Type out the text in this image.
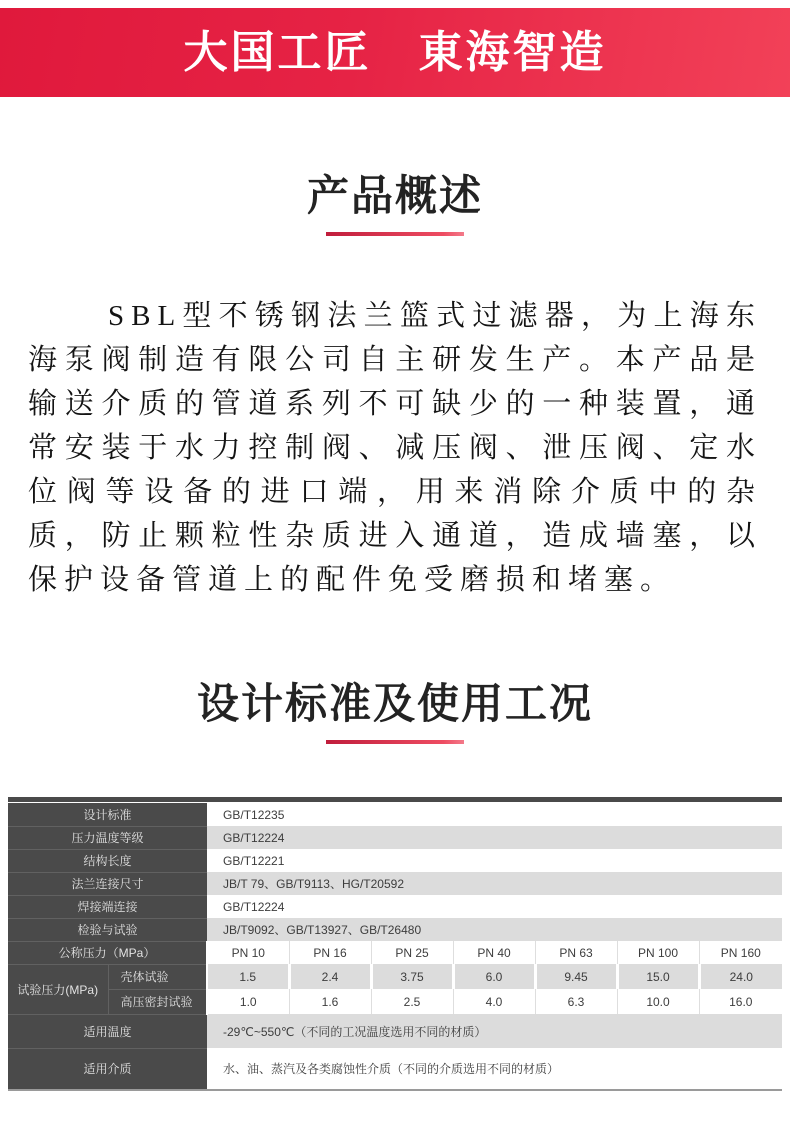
大国工匠　東海智造
产品概述

SBL型不锈钢法兰篮式过滤器，为上海东海泵阀制造有限公司自主研发生产。本产品是输送介质的管道系列不可缺少的一种装置，通常安装于水力控制阀、减压阀、泄压阀、定水位阀等设备的进口端，用来消除介质中的杂质，防止颗粒性杂质进入通道，造成墙塞，以保护设备管道上的配件免受磨损和堵塞。

设计标准及使用工况
设计标准		GB/T12235						
压力温度等级		GB/T12224						
结构长度		GB/T12221						
法兰连接尺寸		JB/T 79、GB/T9113、HG/T20592						
焊接端连接		GB/T12224						
检验与试验		JB/T9092、GB/T13927、GB/T26480						
公称压力（MPa）		PN 10	PN 16	PN 25	PN 40	PN 63	PN 100	PN 160
试验压力(MPa)	壳体试验	1.5	2.4	3.75	6.0	9.45	15.0	24.0
	高压密封试验	1.0	1.6	2.5	4.0	6.3	10.0	16.0
适用温度		-29℃~550℃（不同的工况温度选用不同的材质）						
适用介质		水、油、蒸汽及各类腐蚀性介质（不同的介质选用不同的材质）						
